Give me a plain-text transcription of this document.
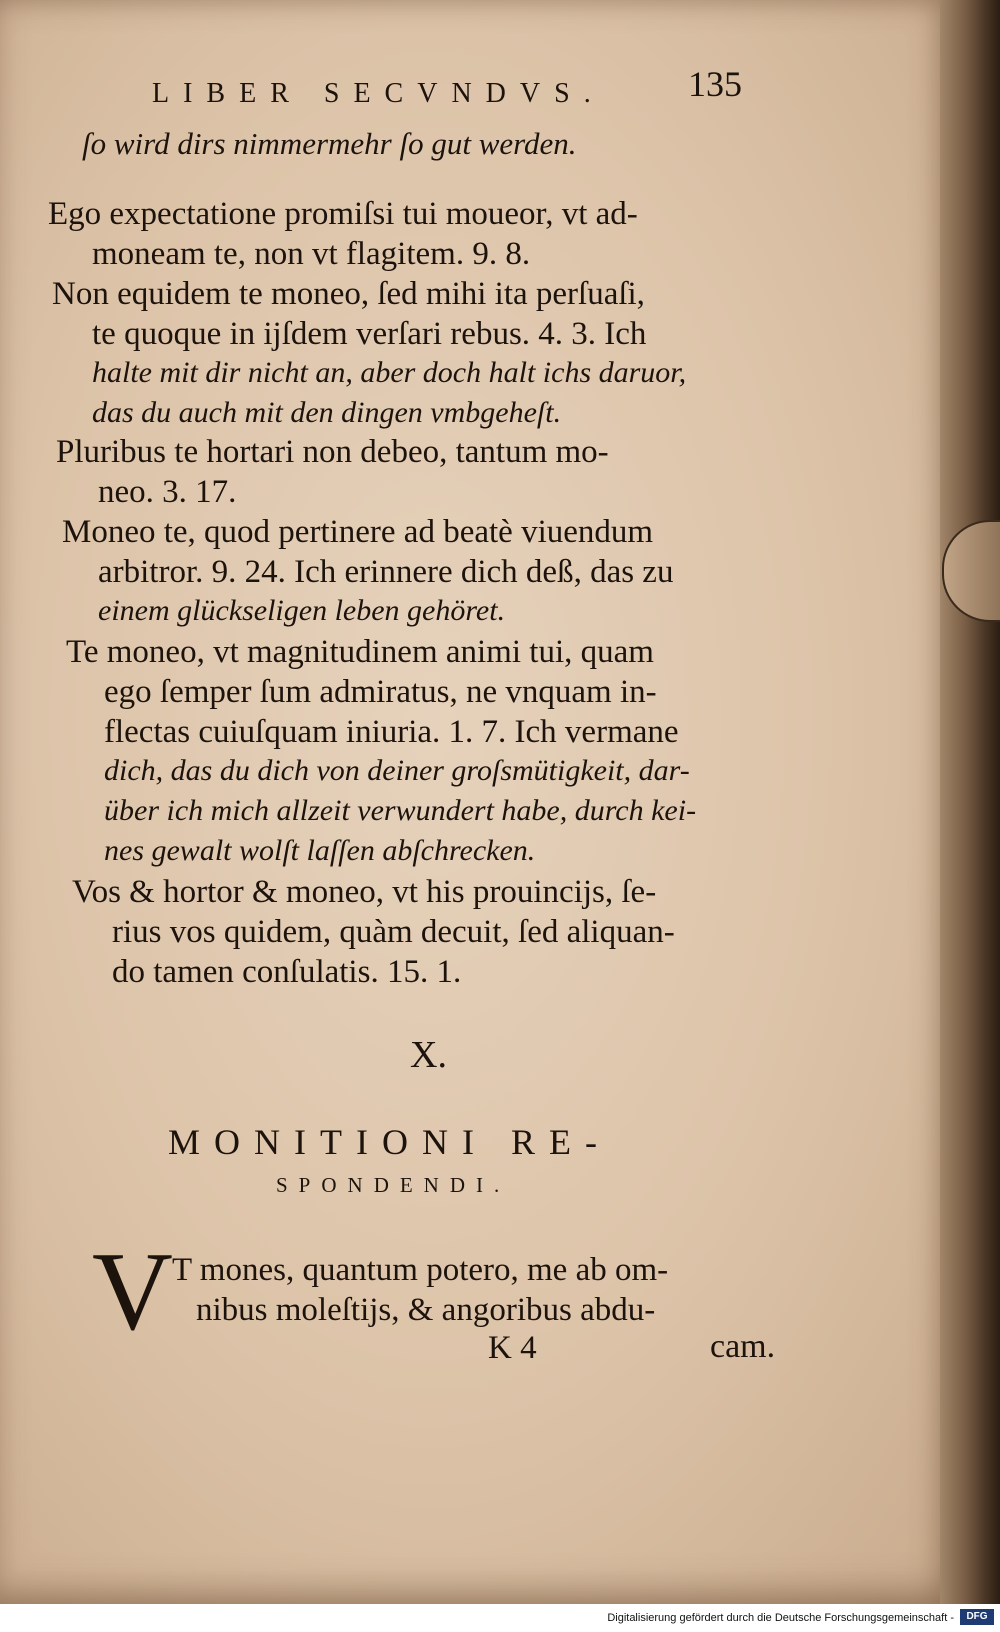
LIBER SECVNDVS. 135
ſo wird dirs nimmermehr ſo gut werden.
Ego expectatione promiſsi tui moueor, vt ad-
moneam te, non vt flagitem. 9. 8.
Non equidem te moneo, ſed mihi ita perſuaſi,
te quoque in ijſdem verſari rebus. 4. 3. Ich
halte mit dir nicht an, aber doch halt ichs daruor,
das du auch mit den dingen vmbgeheſt.
Pluribus te hortari non debeo, tantum mo-
neo. 3. 17.
Moneo te, quod pertinere ad beatè viuendum
arbitror. 9. 24. Ich erinnere dich deß, das zu
einem glückseligen leben gehöret.
Te moneo, vt magnitudinem animi tui, quam
ego ſemper ſum admiratus, ne vnquam in-
flectas cuiuſquam iniuria. 1. 7. Ich vermane
dich, das du dich von deiner groſsmütigkeit, dar-
über ich mich allzeit verwundert habe, durch kei-
nes gewalt wolſt laſſen abſchrecken.
Vos & hortor & moneo, vt his prouincijs, ſe-
rius vos quidem, quàm decuit, ſed aliquan-
do tamen conſulatis. 15. 1.
X.
MONITIONI RE-
SPONDENDI.
V T mones, quantum potero, me ab om-
nibus moleſtijs, & angoribus abdu-
K 4	cam.
Digitalisierung gefördert durch die Deutsche Forschungsgemeinschaft -	DFG
